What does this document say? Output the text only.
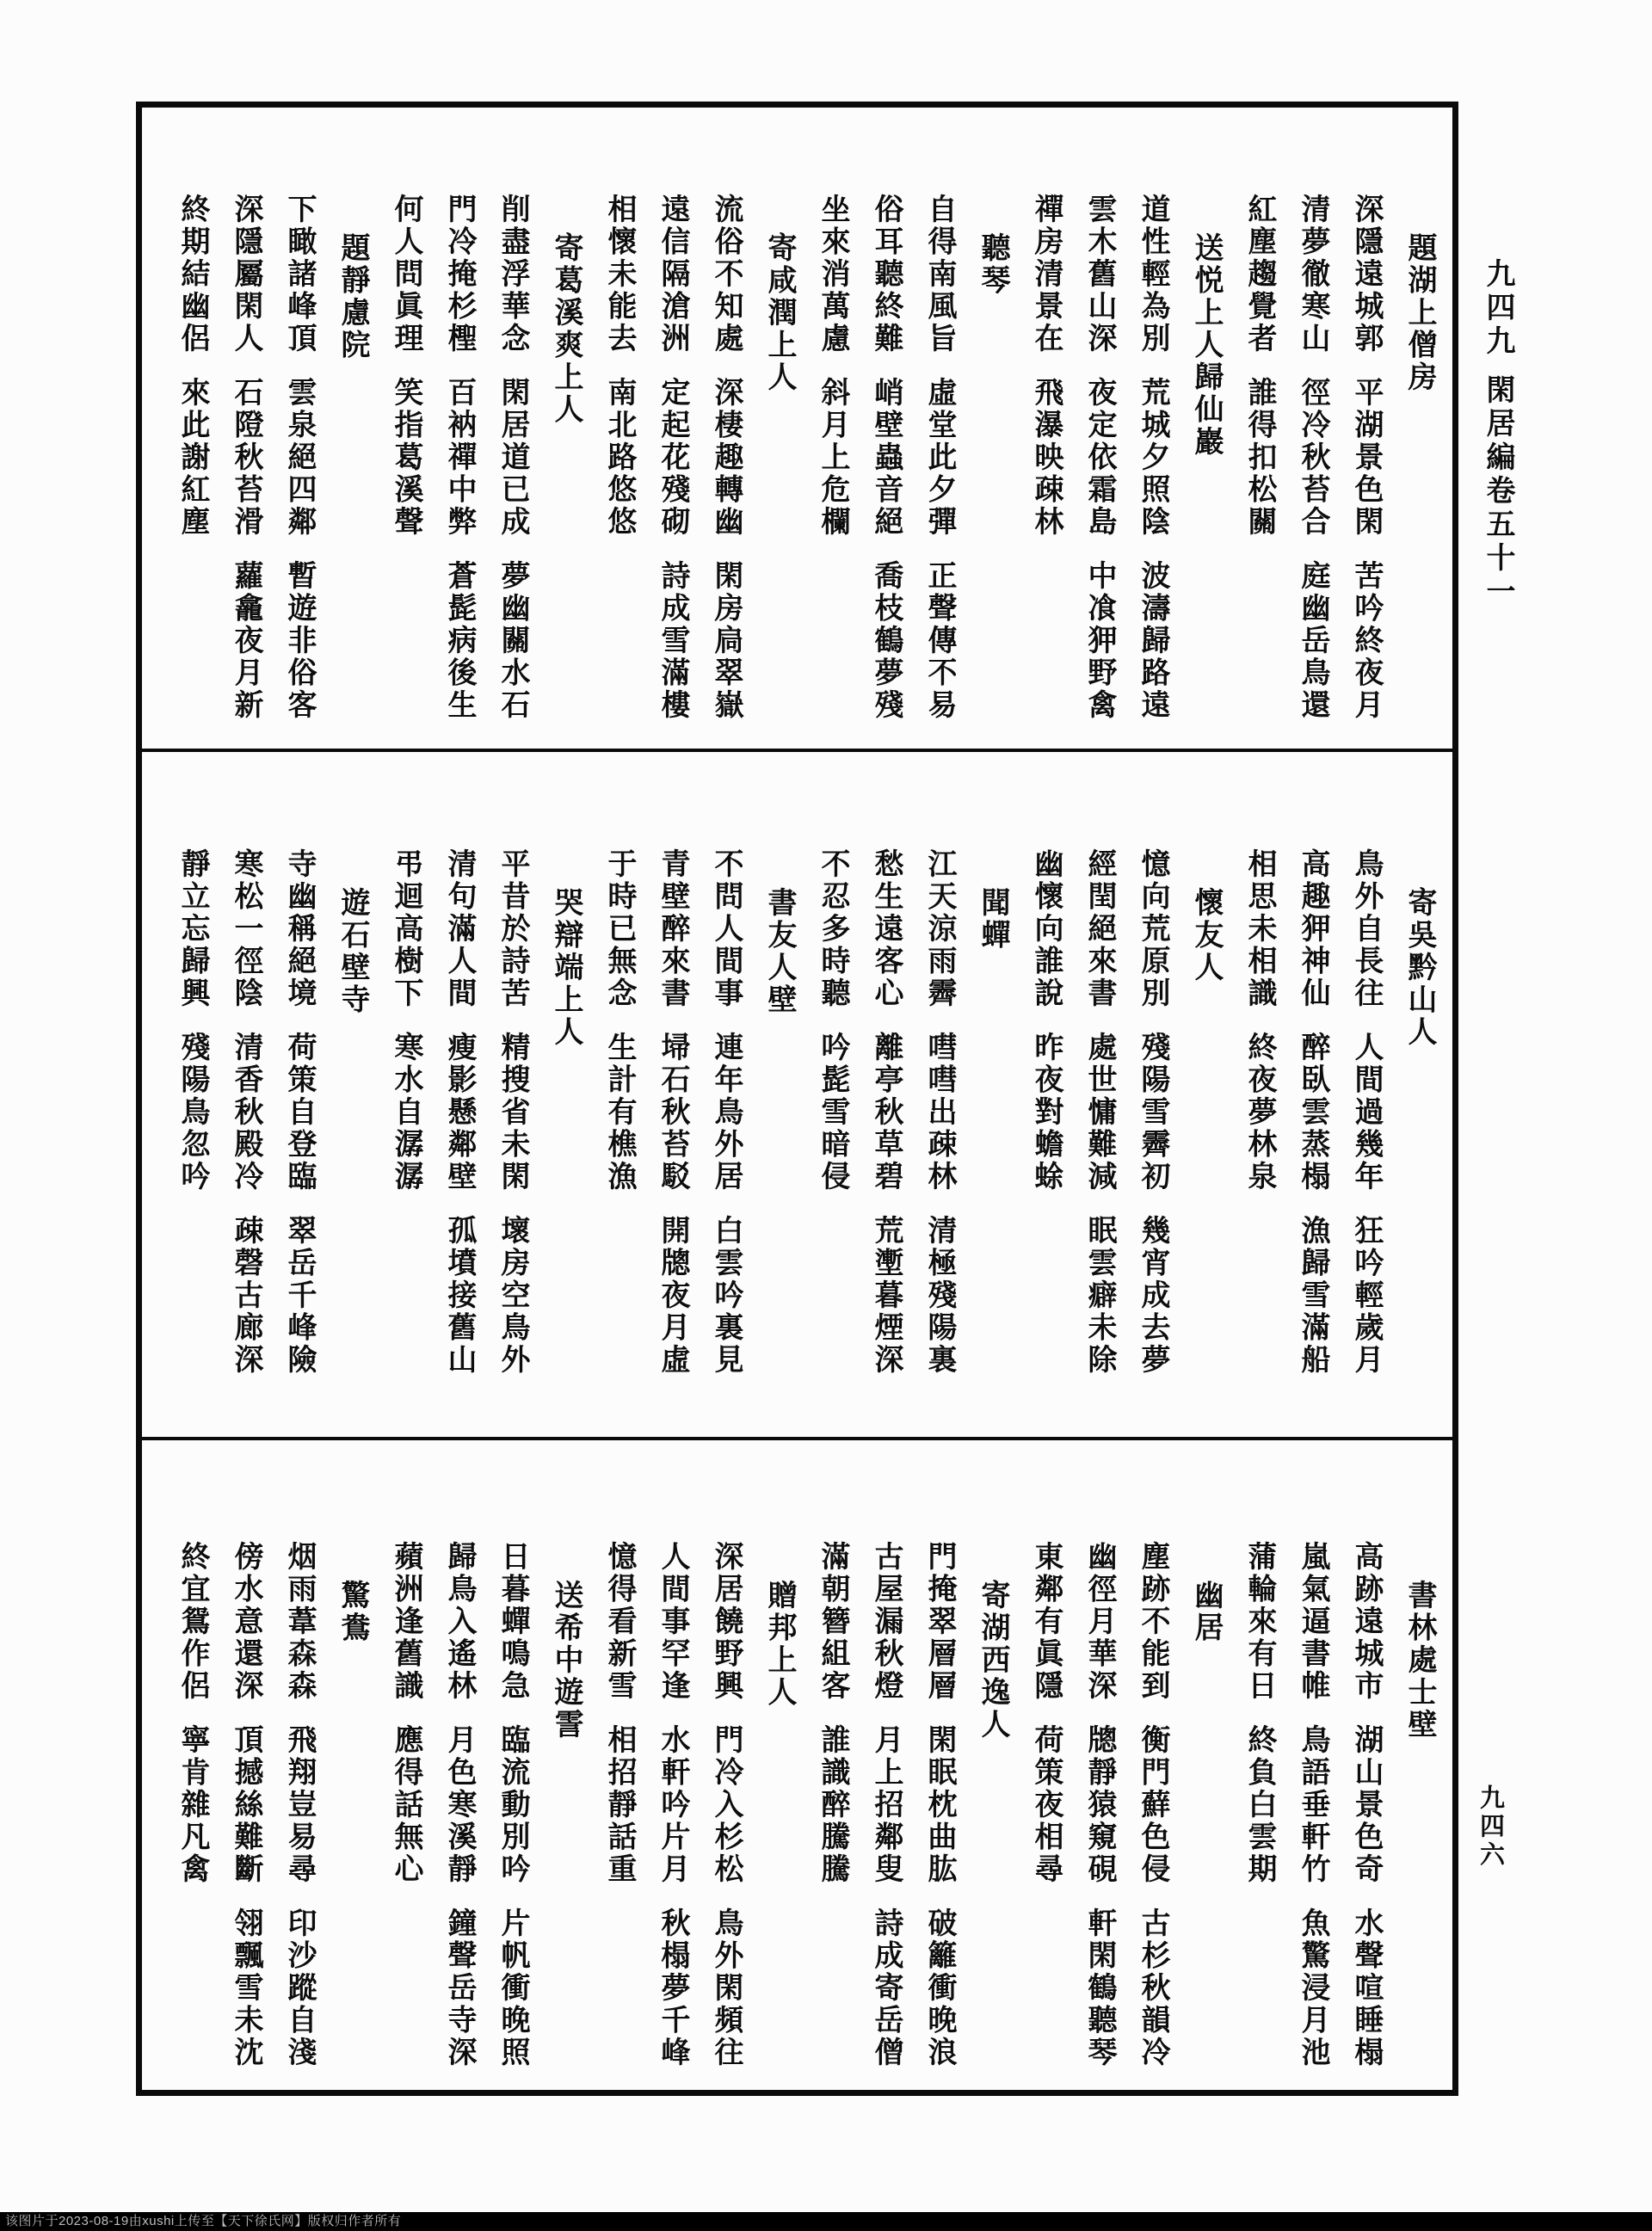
題湖上僧房
深隱遠城郭
平湖景色閑
苦吟終夜月
清夢徹寒山
徑冷秋苔合
庭幽岳鳥還
紅塵趨覺者
誰得扣松關
送悦上人歸仙巖
道性輕為別
荒城夕照陰
波濤歸路遠
雲木舊山深
夜定依霜島
中飡狎野禽
禪房清景在
飛瀑映疎林
聽琴
自得南風旨
虛堂此夕彈
正聲傳不易
俗耳聽終難
峭壁蟲音絕
喬枝鶴夢殘
坐來消萬慮
斜月上危欄
寄咸潤上人
流俗不知處
深棲趣轉幽
閑房扃翠嶽
遠信隔滄洲
定起花殘砌
詩成雪滿樓
相懷未能去
南北路悠悠
寄葛溪爽上人
削盡浮華念
閑居道已成
夢幽關水石
門冷掩杉檉
百衲禪中弊
蒼髭病後生
何人問眞理
笑指葛溪聲
題靜慮院
下瞰諸峰頂
雲泉絕四鄰
暫遊非俗客
深隱屬閑人
石隥秋苔滑
蘿龕夜月新
終期結幽侶
來此謝紅塵
寄吳黔山人
鳥外自長往
人間過幾年
狂吟輕歲月
高趣狎神仙
醉臥雲蒸榻
漁歸雪滿船
相思未相識
終夜夢林泉
懷友人
憶向荒原別
殘陽雪霽初
幾宵成去夢
經閏絕來書
處世慵難減
眠雲癖未除
幽懷向誰說
昨夜對蟾蜍
聞蟬
江天涼雨霽
嘒嘒出疎林
清極殘陽裏
愁生遠客心
離亭秋草碧
荒壍暮煙深
不忍多時聽
吟髭雪暗侵
書友人壁
不問人間事
連年鳥外居
白雲吟裏見
青壁醉來書
埽石秋苔駁
開牕夜月虛
于時已無念
生計有樵漁
哭辯端上人
平昔於詩苦
精搜省未閑
壞房空鳥外
清句滿人間
瘦影懸鄰壁
孤墳接舊山
弔迴高樹下
寒水自潺潺
遊石壁寺
寺幽稱絕境
荷策自登臨
翠岳千峰險
寒松一徑陰
清香秋殿冷
疎磬古廊深
靜立忘歸興
殘陽鳥忽吟
書林處士壁
高跡遠城市
湖山景色奇
水聲喧睡榻
嵐氣逼書帷
鳥語垂軒竹
魚驚浸月池
蒲輪來有日
終負白雲期
幽居
塵跡不能到
衡門蘚色侵
古杉秋韻冷
幽徑月華深
牕靜猿窺硯
軒閑鶴聽琴
東鄰有眞隱
荷策夜相尋
寄湖西逸人
門掩翠層層
閑眠枕曲肱
破籬衝晚浪
古屋漏秋燈
月上招鄰叟
詩成寄岳僧
滿朝簪組客
誰識醉騰騰
贈邦上人
深居饒野興
門冷入杉松
鳥外閑頻往
人間事罕逢
水軒吟片月
秋榻夢千峰
憶得看新雪
相招靜話重
送希中遊霅
日暮蟬鳴急
臨流動別吟
片帆衝晚照
歸鳥入遙林
月色寒溪靜
鐘聲岳寺深
蘋洲逢舊識
應得話無心
驚鴦
烟雨葦森森
飛翔豈易尋
印沙蹤自淺
傍水意還深
頂撼絲難斷
翎飄雪未沈
終宜鴛作侶
寧肯雜凡禽
九四九閑居編卷五十一
九四六
该图片于2023-08-19由xushi上传至【天下徐氏网】版权归作者所有
